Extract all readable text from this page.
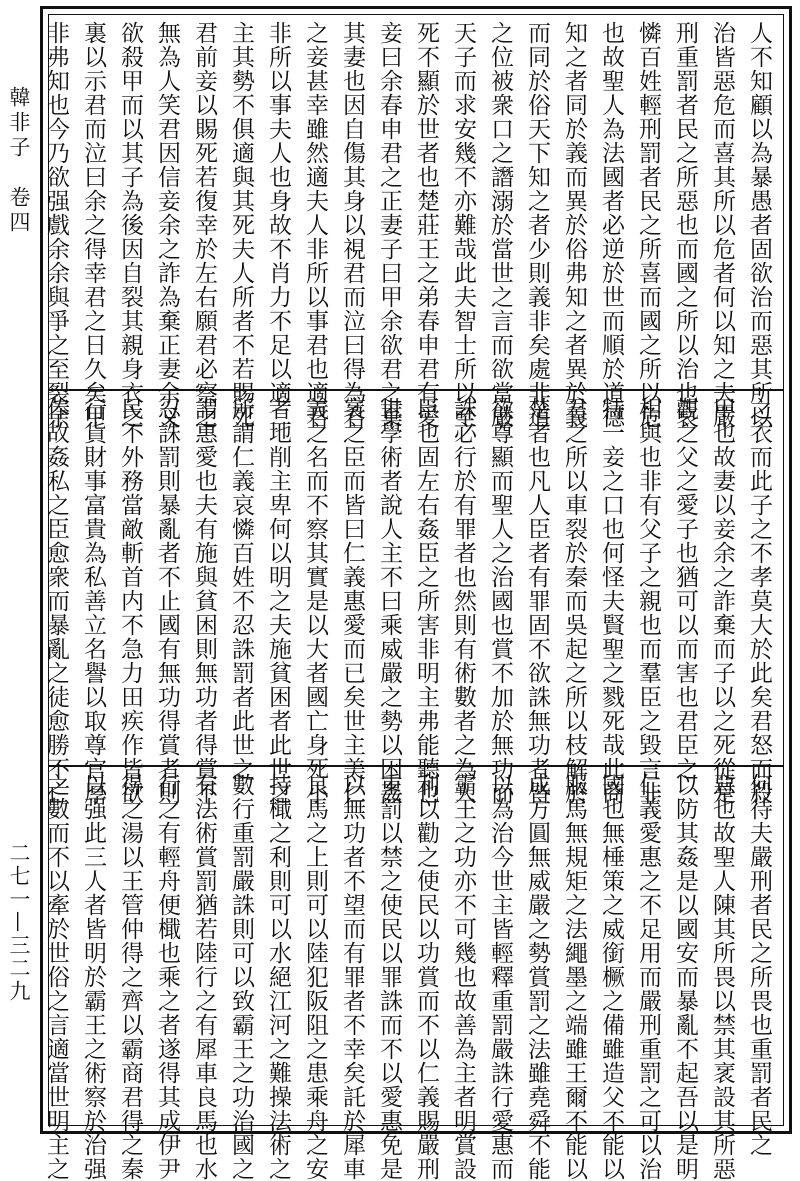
韓非子　卷四
二七一—三二九
人不知顧以為暴愚者固欲治而惡其所以
治皆惡危而喜其所以危者何以知之夫嚴
刑重罰者民之所惡也而國之所以治也哀
憐百姓輕刑罰者民之所喜而國之所以危
也故聖人為法國者必逆於世而順於道德
知之者同於義而異於俗弗知之者異於義
而同於俗天下知之者少則義非矣處非道
之位被衆口之譖溺於當世之言而欲當嚴
天子而求安幾不亦難哉此夫智士所以至
死不顯於世者也楚莊王之弟春申君有愛
妾曰余春申君之正妻子曰甲余欲君之棄
其妻也因自傷其身以視君而泣曰得為君
之妾甚幸雖然適夫人非所以事君也適君
非所以事夫人也身故不肖力不足以適二
主其勢不俱適與其死夫人所者不若賜死
君前妾以賜死若復幸於左右願君必察之
無為人笑君因信妾余之詐為棄正妻余又
欲殺甲而以其子為後因自裂其親身衣之
裏以示君而泣曰余之得幸君之日久矣甲
非弗知也今乃欲强戲余余與爭之至裂余
之衣而此子之不孝莫大於此矣君怒而殺
甲也故妻以妾余之詐棄而子以之死從是
觀之父之愛子也猶可以而害也君臣之
相與也非有父子之親也而羣臣之毀言非
特一妾之口也何怪夫賢聖之戮死哉此商
君之所以車裂於秦而吳起之所以枝解於
楚者也凡人臣者有罪固不欲誅無功者皆
欲尊顯而聖人之治國也賞不加於無功而
誅必行於有罪者也然則有術數者之為人
臣也固左右姦臣之所害非明主弗能聽也
世學術者說人主不曰乘威嚴之勢以困姦
衺之臣而皆曰仁義惠愛而已矣世主美仁
義之名而不察其實是以大者國亡身死小
者地削主卑何以明之夫施貧困者此世之
所謂仁義哀憐百姓不忍誅罰者此世之
謂惠愛也夫有施與貧困則無功者得賞不
忍誅罰則暴亂者不止國有無功得賞者則
民不外務當敵斬首内不急力田疾作皆欲
行貨財事富貴為私善立名譽以取尊官厚
俸故姦私之臣愈衆而暴亂之徒愈勝不亡
何待夫嚴刑者民之所畏也重罰者民之
惡也故聖人陳其所畏以禁其衺設其所惡
以防其姦是以國安而暴亂不起吾以是明
仁義愛惠之不足用而嚴刑重罰之可以治
國也無棰策之威銜橛之備雖造父不能以
服馬無規矩之法繩墨之端雖王爾不能以
成方圓無威嚴之勢賞罰之法雖堯舜不能
以為治今世主皆輕釋重罰嚴誅行愛惠而
霸王之功亦不可幾也故善為主者明賞設
利以勸之使民以功賞而不以仁義賜嚴刑
重罰以禁之使民以罪誅而不以愛惠免是
以無功者不望而有罪者不幸矣託於犀車
良馬之上則可以陸犯阪阻之患乘舟之安
持檝之利則可以水絕江河之難操法術之
數行重罰嚴誅則可以致霸王之功治國之
有法術賞罰猶若陸行之有犀車良馬也水
行之有輕舟便檝也乘之者遂得其成伊尹
得之湯以王管仲得之齊以霸商君得之秦
以强此三人者皆明於霸王之術察於治强
之數而不以牽於世俗之言適當世明主之
